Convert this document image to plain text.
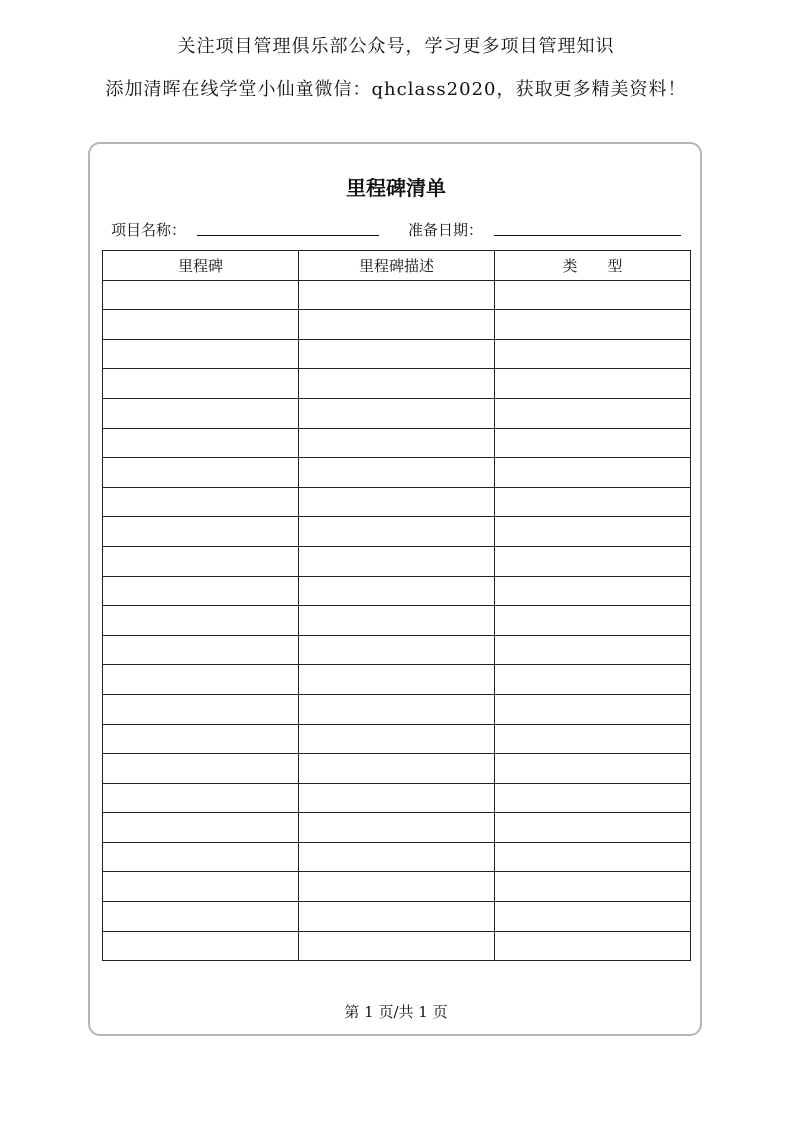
关注项目管理俱乐部公众号，学习更多项目管理知识
添加清晖在线学堂小仙童微信：qhclass2020，获取更多精美资料！
里程碑清单
项目名称：	准备日期：
里程碑	里程碑描述	类　　型

第 1 页/共 1 页
